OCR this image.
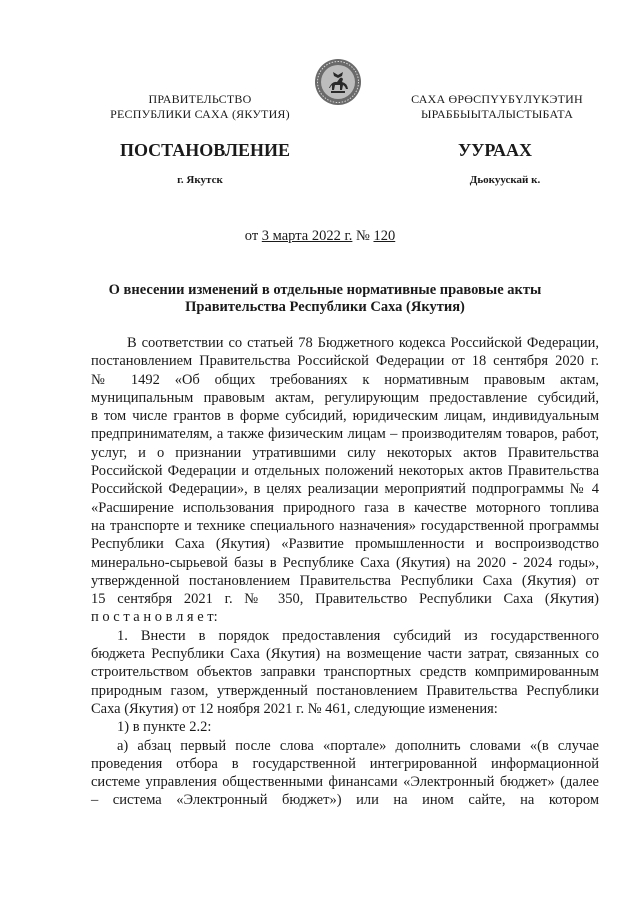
ПРАВИТЕЛЬСТВО
РЕСПУБЛИКИ САХА (ЯКУТИЯ)
САХА ӨРӨСПҮҮБҮЛҮКЭТИН
ЫРАББЫЫТАЛЫСТЫБАТА
ПОСТАНОВЛЕНИЕ	УУРААХ
г. Якутск	Дьокуускай к.
от 3 марта 2022 г. № 120
О внесении изменений в отдельные нормативные правовые акты
Правительства Республики Саха (Якутия)
В соответствии со статьей 78 Бюджетного кодекса Российской Федерации,
постановлением Правительства Российской Федерации от 18 сентября 2020 г.
№ 1492 «Об общих требованиях к нормативным правовым актам,
муниципальным правовым актам, регулирующим предоставление субсидий,
в том числе грантов в форме субсидий, юридическим лицам, индивидуальным
предпринимателям, а также физическим лицам – производителям товаров, работ,
услуг, и о признании утратившими силу некоторых актов Правительства
Российской Федерации и отдельных положений некоторых актов Правительства
Российской Федерации», в целях реализации мероприятий подпрограммы № 4
«Расширение использования природного газа в качестве моторного топлива
на транспорте и технике специального назначения» государственной программы
Республики Саха (Якутия) «Развитие промышленности и воспроизводство
минерально-сырьевой базы в Республике Саха (Якутия) на 2020 - 2024 годы»,
утвержденной постановлением Правительства Республики Саха (Якутия) от
15 сентября 2021 г. № 350, Правительство Республики Саха (Якутия)
п о с т а н о в л я е т:
1. Внести в порядок предоставления субсидий из государственного
бюджета Республики Саха (Якутия) на возмещение части затрат, связанных со
строительством объектов заправки транспортных средств компримированным
природным газом, утвержденный постановлением Правительства Республики
Саха (Якутия) от 12 ноября 2021 г. № 461, следующие изменения:
1) в пункте 2.2:
а) абзац первый после слова «портале» дополнить словами «(в случае
проведения отбора в государственной интегрированной информационной
системе управления общественными финансами «Электронный бюджет» (далее
– система «Электронный бюджет») или на ином сайте, на котором
